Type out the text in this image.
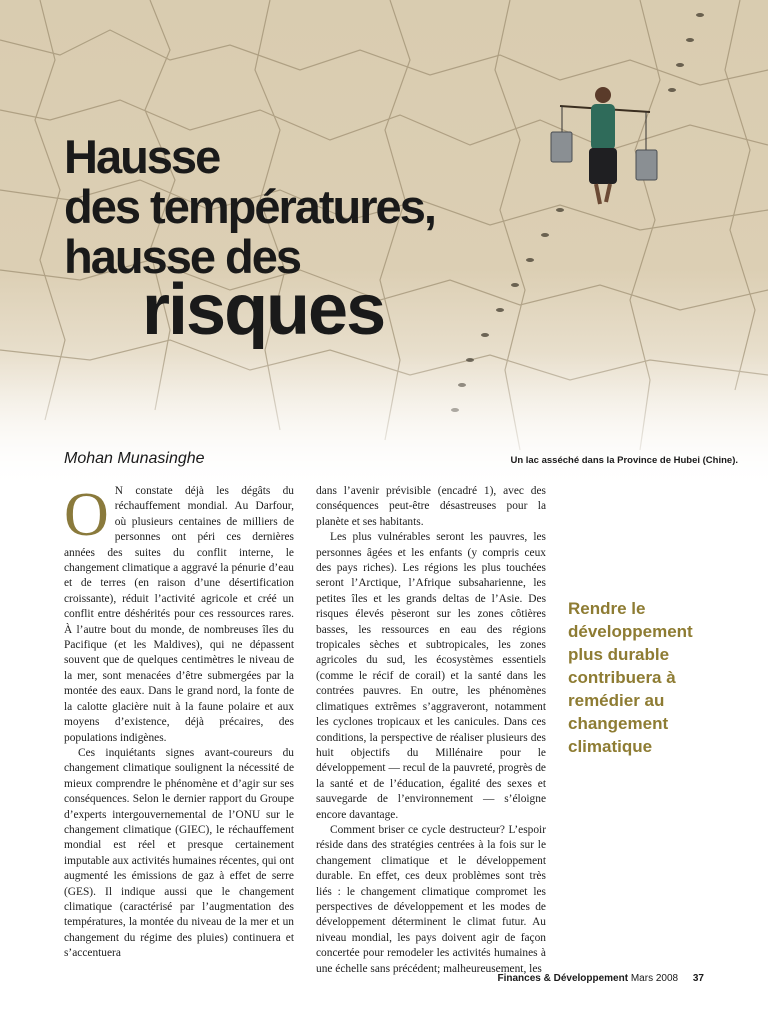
Hausse
des températures,
hausse des
risques
Mohan Munasinghe	Un lac asséché dans la Province de Hubei (Chine).

O N constate déjà les dégâts du réchauffement mondial. Au Darfour, où plusieurs centaines de milliers de personnes ont péri ces dernières années des suites du conflit interne, le changement climatique a aggravé la pénurie d’eau et de terres (en raison d’une désertification croissante), réduit l’activité agricole et créé un conflit entre déshérités pour ces ressources rares. À l’autre bout du monde, de nombreuses îles du Pacifique (et les Maldives), qui ne dépassent souvent que de quelques centimètres le niveau de la mer, sont menacées d’être submergées par la montée des eaux. Dans le grand nord, la fonte de la calotte glacière nuit à la faune polaire et aux moyens d’existence, déjà précaires, des populations indigènes.

Ces inquiétants signes avant-coureurs du changement climatique soulignent la nécessité de mieux comprendre le phénomène et d’agir sur ses conséquences. Selon le dernier rapport du Groupe d’experts intergouvernemental de l’ONU sur le changement climatique (GIEC), le réchauffement mondial est réel et presque certainement imputable aux activités humaines récentes, qui ont augmenté les émissions de gaz à effet de serre (GES). Il indique aussi que le changement climatique (caractérisé par l’augmentation des températures, la montée du niveau de la mer et un changement du régime des pluies) continuera et s’accentuera

dans l’avenir prévisible (encadré 1), avec des conséquences peut-être désastreuses pour la planète et ses habitants.

Les plus vulnérables seront les pauvres, les personnes âgées et les enfants (y compris ceux des pays riches). Les régions les plus touchées seront l’Arctique, l’Afrique subsaharienne, les petites îles et les grands deltas de l’Asie. Des risques élevés pèseront sur les zones côtières basses, les ressources en eau des régions tropicales sèches et subtropicales, les zones agricoles du sud, les écosystèmes essentiels (comme le récif de corail) et la santé dans les contrées pauvres. En outre, les phénomènes climatiques extrêmes s’aggraveront, notamment les cyclones tropicaux et les canicules. Dans ces conditions, la perspective de réaliser plusieurs des huit objectifs du Millénaire pour le développement — recul de la pauvreté, progrès de la santé et de l’éducation, égalité des sexes et sauvegarde de l’environnement — s’éloigne encore davantage.

Comment briser ce cycle destructeur? L’espoir réside dans des stratégies centrées à la fois sur le changement climatique et le développement durable. En effet, ces deux problèmes sont très liés : le changement climatique compromet les perspectives de développement et les modes de développement déterminent le climat futur. Au niveau mondial, les pays doivent agir de façon concertée pour remodeler les activités humaines à une échelle sans précédent; malheureusement, les

Rendre le développement plus durable contribuera à remédier au changement climatique
Finances & Développement Mars 2008 37
